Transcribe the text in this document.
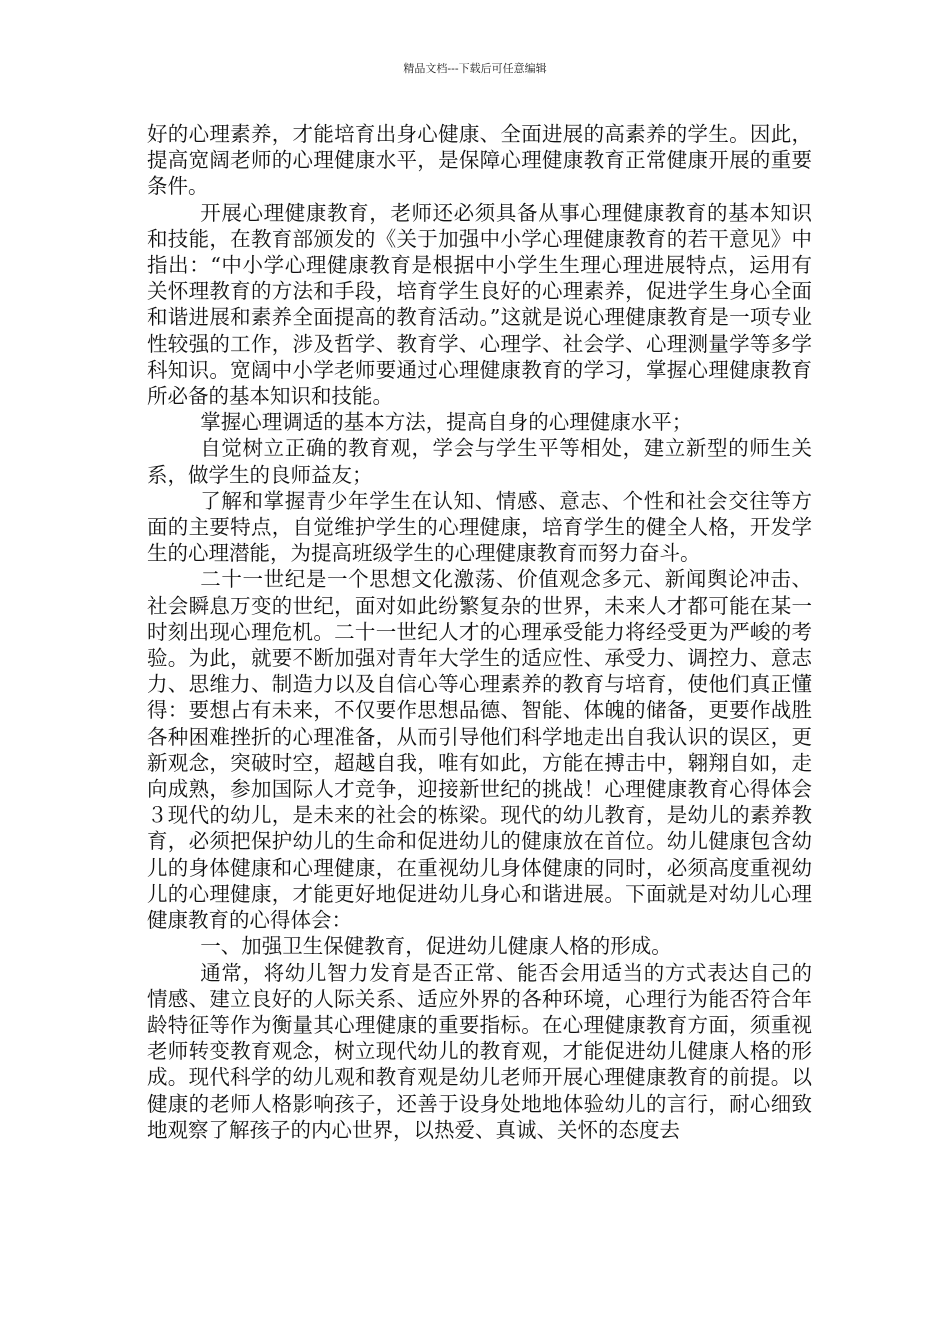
精品文档---下载后可任意编辑

好的心理素养，才能培育出身心健康、全面进展的高素养的学生。因此，提高宽阔老师的心理健康水平，是保障心理健康教育正常健康开展的重要条件。

开展心理健康教育，老师还必须具备从事心理健康教育的基本知识和技能，在教育部颁发的《关于加强中小学心理健康教育的若干意见》中指出：“中小学心理健康教育是根据中小学生生理心理进展特点，运用有关怀理教育的方法和手段，培育学生良好的心理素养，促进学生身心全面和谐进展和素养全面提高的教育活动。”这就是说心理健康教育是一项专业性较强的工作，涉及哲学、教育学、心理学、社会学、心理测量学等多学科知识。宽阔中小学老师要通过心理健康教育的学习，掌握心理健康教育所必备的基本知识和技能。

掌握心理调适的基本方法，提高自身的心理健康水平；

自觉树立正确的教育观，学会与学生平等相处，建立新型的师生关系，做学生的良师益友；

了解和掌握青少年学生在认知、情感、意志、个性和社会交往等方面的主要特点，自觉维护学生的心理健康，培育学生的健全人格，开发学生的心理潜能，为提高班级学生的心理健康教育而努力奋斗。

二十一世纪是一个思想文化激荡、价值观念多元、新闻舆论冲击、社会瞬息万变的世纪，面对如此纷繁复杂的世界，未来人才都可能在某一时刻出现心理危机。二十一世纪人才的心理承受能力将经受更为严峻的考验。为此，就要不断加强对青年大学生的适应性、承受力、调控力、意志力、思维力、制造力以及自信心等心理素养的教育与培育，使他们真正懂得：要想占有未来，不仅要作思想品德、智能、体魄的储备，更要作战胜各种困难挫折的心理准备，从而引导他们科学地走出自我认识的误区，更新观念，突破时空，超越自我，唯有如此，方能在搏击中，翱翔自如，走向成熟，参加国际人才竞争，迎接新世纪的挑战！心理健康教育心得体会３现代的幼儿，是未来的社会的栋梁。现代的幼儿教育，是幼儿的素养教育，必须把保护幼儿的生命和促进幼儿的健康放在首位。幼儿健康包含幼儿的身体健康和心理健康，在重视幼儿身体健康的同时，必须高度重视幼儿的心理健康，才能更好地促进幼儿身心和谐进展。下面就是对幼儿心理健康教育的心得体会：

一、加强卫生保健教育，促进幼儿健康人格的形成。

通常，将幼儿智力发育是否正常、能否会用适当的方式表达自己的情感、建立良好的人际关系、适应外界的各种环境，心理行为能否符合年龄特征等作为衡量其心理健康的重要指标。在心理健康教育方面，须重视老师转变教育观念，树立现代幼儿的教育观，才能促进幼儿健康人格的形成。现代科学的幼儿观和教育观是幼儿老师开展心理健康教育的前提。以健康的老师人格影响孩子，还善于设身处地地体验幼儿的言行，耐心细致地观察了解孩子的内心世界，以热爱、真诚、关怀的态度去
